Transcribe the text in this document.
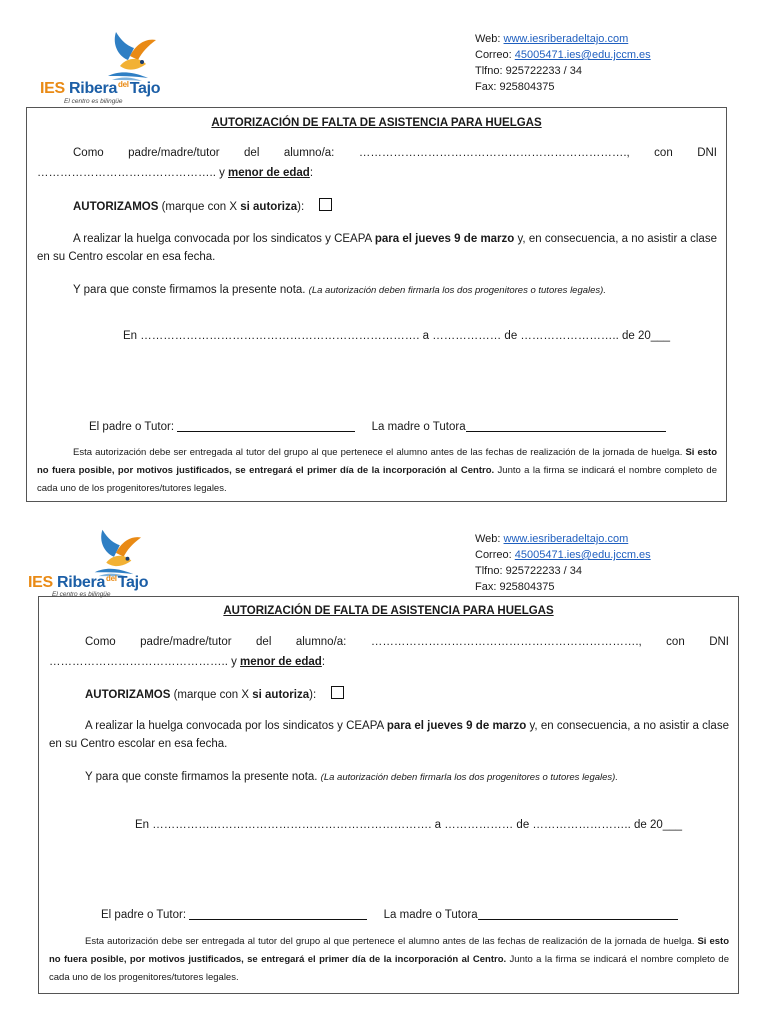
IES Ribera$^{del}$Tajo
El centro es bilingüe
Web: www.iesriberadeltajo.com
Correo: 45005471.ies@edu.jccm.es
Tlfno: 925722233 / 34
Fax: 925804375

AUTORIZACIÓN DE FALTA DE ASISTENCIA PARA HUELGAS

Como padre/madre/tutor del alumno/a: ……………………………………………………………., con DNI

……………………………………….. y menor de edad:

AUTORIZAMOS (marque con X si autoriza):

A realizar la huelga convocada por los sindicatos y CEAPA para el jueves 9 de marzo y, en consecuencia, a no asistir a clase en su Centro escolar en esa fecha.

Y para que conste firmamos la presente nota. (La autorización deben firmarla los dos progenitores o tutores legales).

En ………………………………………………………………. a ……………… de …………………….. de 20___

El padre o Tutor:	La madre o Tutora

Esta autorización debe ser entregada al tutor del grupo al que pertenece el alumno antes de las fechas de realización de la jornada de huelga. Si esto no fuera posible, por motivos justificados, se entregará el primer día de la incorporación al Centro. Junto a la firma se indicará el nombre completo de cada uno de los progenitores/tutores legales.

IES Ribera$^{del}$Tajo
El centro es bilingüe
Web: www.iesriberadeltajo.com
Correo: 45005471.ies@edu.jccm.es
Tlfno: 925722233 / 34
Fax: 925804375

AUTORIZACIÓN DE FALTA DE ASISTENCIA PARA HUELGAS

Como padre/madre/tutor del alumno/a: ……………………………………………………………., con DNI

……………………………………….. y menor de edad:

AUTORIZAMOS (marque con X si autoriza):

A realizar la huelga convocada por los sindicatos y CEAPA para el jueves 9 de marzo y, en consecuencia, a no asistir a clase en su Centro escolar en esa fecha.

Y para que conste firmamos la presente nota. (La autorización deben firmarla los dos progenitores o tutores legales).

En ………………………………………………………………. a ……………… de …………………….. de 20___

El padre o Tutor:	La madre o Tutora

Esta autorización debe ser entregada al tutor del grupo al que pertenece el alumno antes de las fechas de realización de la jornada de huelga. Si esto no fuera posible, por motivos justificados, se entregará el primer día de la incorporación al Centro. Junto a la firma se indicará el nombre completo de cada uno de los progenitores/tutores legales.
